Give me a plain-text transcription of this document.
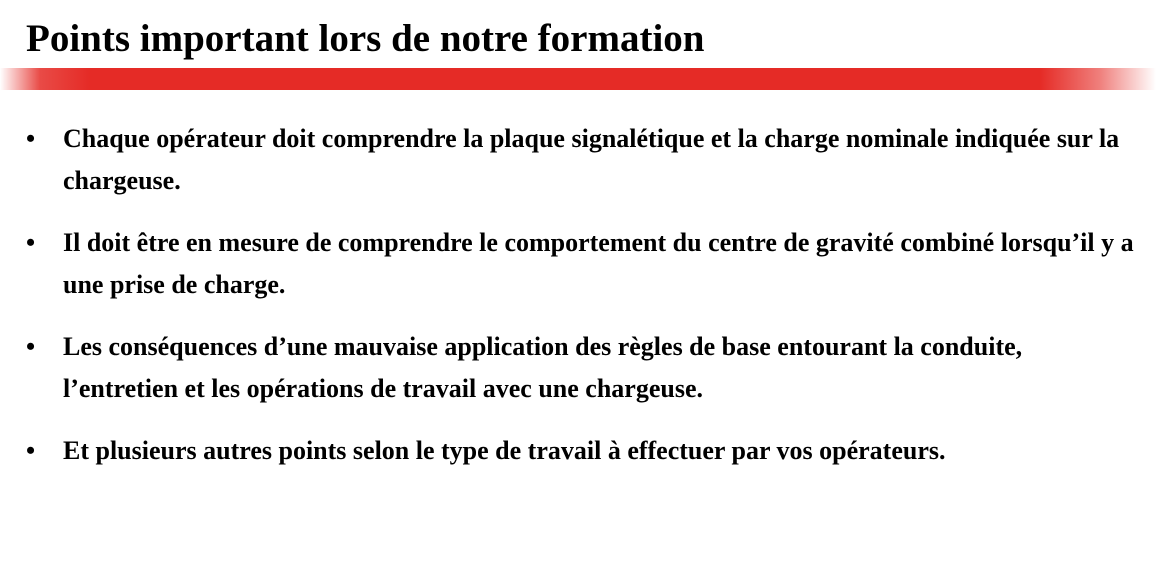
Points important lors de notre formation
•	Chaque opérateur doit comprendre la plaque signalétique et la charge nominale indiquée sur la chargeuse.
•	Il doit être en mesure de comprendre le comportement du centre de gravité combiné lorsqu’il y a une prise de charge.
•	Les conséquences d’une mauvaise application des règles de base entourant la conduite, l’entretien et les opérations de travail avec une chargeuse.
•	Et plusieurs autres points selon le type de travail à effectuer par vos opérateurs.
